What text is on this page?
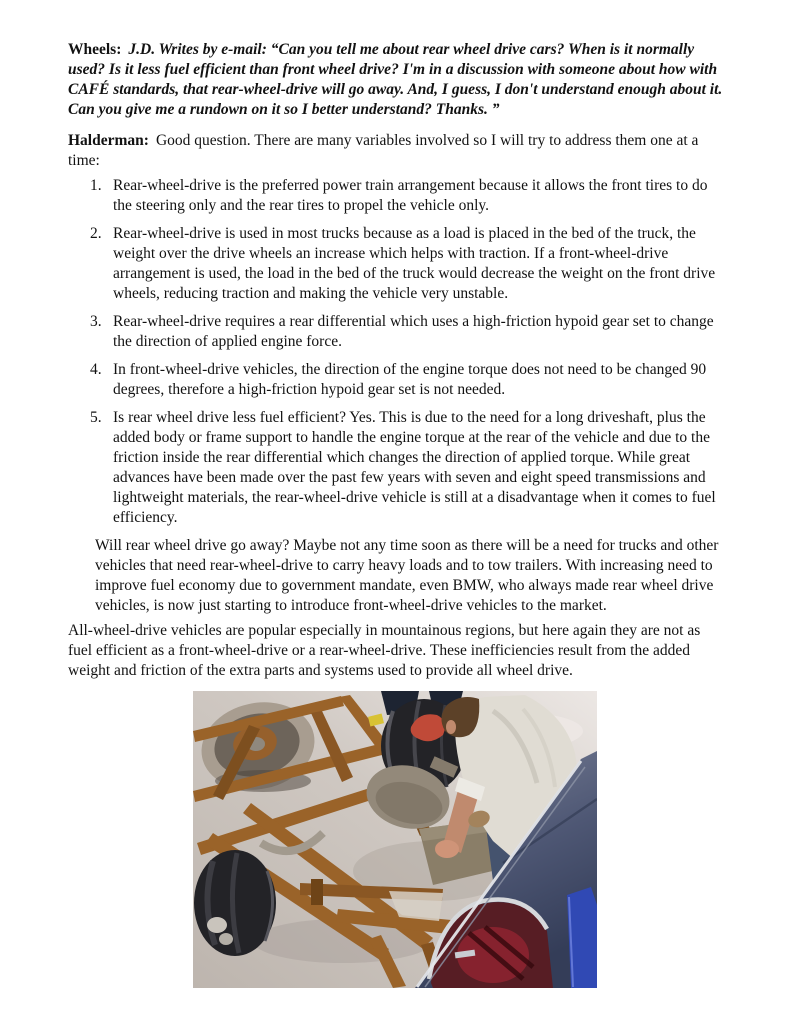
Wheels: J.D. Writes by e-mail: “Can you tell me about rear wheel drive cars? When is it normally used? Is it less fuel efficient than front wheel drive? I'm in a discussion with someone about how with CAFÉ standards, that rear-wheel-drive will go away. And, I guess, I don't understand enough about it. Can you give me a rundown on it so I better understand? Thanks. ”

Halderman: Good question. There are many variables involved so I will try to address them one at a time:

1. Rear-wheel-drive is the preferred power train arrangement because it allows the front tires to do the steering only and the rear tires to propel the vehicle only.
2. Rear-wheel-drive is used in most trucks because as a load is placed in the bed of the truck, the weight over the drive wheels an increase which helps with traction. If a front-wheel-drive arrangement is used, the load in the bed of the truck would decrease the weight on the front drive wheels, reducing traction and making the vehicle very unstable.
3. Rear-wheel-drive requires a rear differential which uses a high-friction hypoid gear set to change the direction of applied engine force.
4. In front-wheel-drive vehicles, the direction of the engine torque does not need to be changed 90 degrees, therefore a high-friction hypoid gear set is not needed.
5. Is rear wheel drive less fuel efficient? Yes. This is due to the need for a long driveshaft, plus the added body or frame support to handle the engine torque at the rear of the vehicle and due to the friction inside the rear differential which changes the direction of applied torque. While great advances have been made over the past few years with seven and eight speed transmissions and lightweight materials, the rear-wheel-drive vehicle is still at a disadvantage when it comes to fuel efficiency.

Will rear wheel drive go away? Maybe not any time soon as there will be a need for trucks and other vehicles that need rear-wheel-drive to carry heavy loads and to tow trailers. With increasing need to improve fuel economy due to government mandate, even BMW, who always made rear wheel drive vehicles, is now just starting to introduce front-wheel-drive vehicles to the market.

All-wheel-drive vehicles are popular especially in mountainous regions, but here again they are not as fuel efficient as a front-wheel-drive or a rear-wheel-drive. These inefficiencies result from the added weight and friction of the extra parts and systems used to provide all wheel drive.
